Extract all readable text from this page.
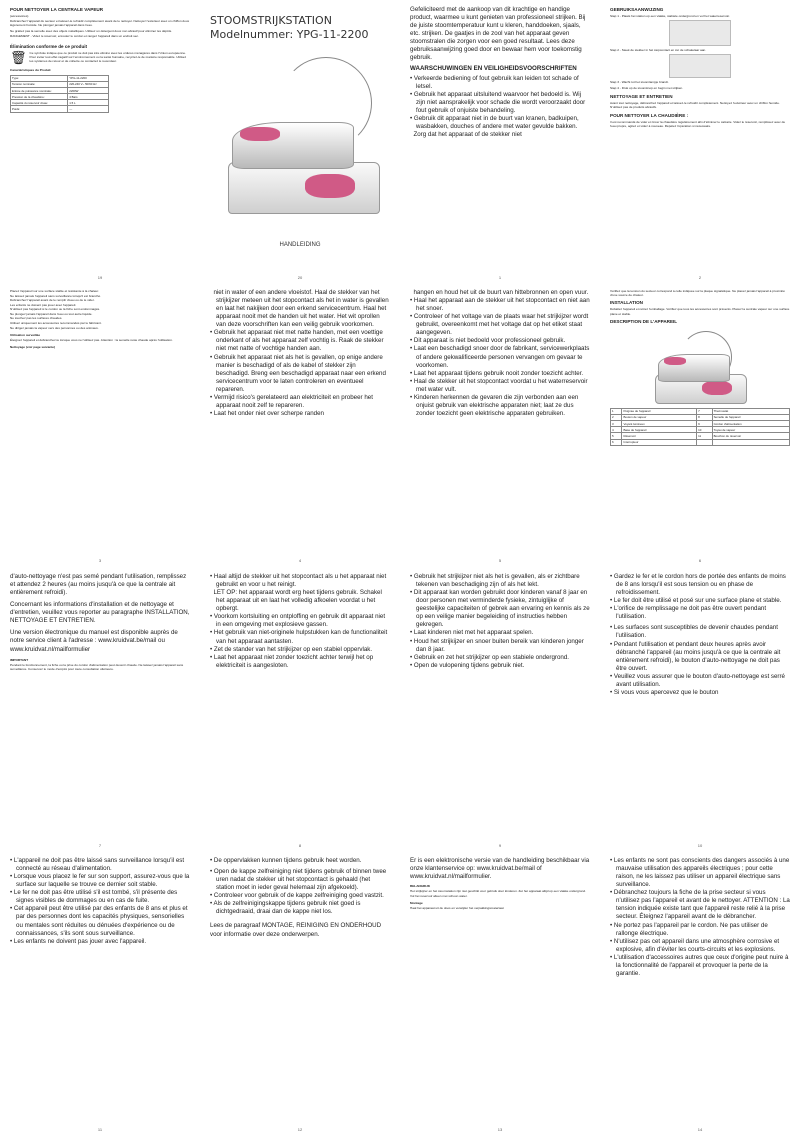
POUR NETTOYER LA CENTRALE VAPEUR
(accessoires)
Débranchez l'appareil du secteur et laissez-le refroidir complètement avant de le nettoyer. Nettoyez l'extérieur avec un chiffon doux légèrement humide. Ne plongez jamais l'appareil dans l'eau.
Ne grattez pas la semelle avec des objets métalliques. Utilisez un détergent doux non abrasif pour éliminer les dépôts.
RANGEMENT - Videz le réservoir, enroulez le cordon et rangez l'appareil dans un endroit sec.
Élimination conforme de ce produit
🗑 Ce symbole indique que ce produit ne doit pas être éliminé avec les ordures ménagères dans l'Union européenne. Pour éviter tout effet négatif sur l'environnement ou la santé humaine, recyclez-le de manière responsable. Utilisez les systèmes de retour et de collecte ou contactez le revendeur.
Caractéristiques du Produit
Type:	YPG-11-2200
Tension nominale:	220-240 V~ 50/60 Hz
Entrée de puissance nominale:	2200W
Pression de la chaudière:	4 Bars
Capacité du réservoir d'eau:	1.5 L
Poids:	—
19
STOOMSTRIJKSTATION
Modelnummer: YPG-11-2200
HANDLEIDING
20
Gefeliciteerd met de aankoop van dit krachtige en handige product, waarmee u kunt genieten van professioneel strijken. Bij de juiste stoomtemperatuur kunt u kleren, handdoeken, sjaals, etc. strijken. De gaatjes in de zool van het apparaat geven stoomstralen die zorgen voor een goed resultaat. Lees deze gebruiksaanwijzing goed door en bewaar hem voor toekomstig gebruik.
WAARSCHUWINGEN EN VEILIGHEIDSVOORSCHRIFTEN
• Verkeerde bediening of fout gebruik kan leiden tot schade of letsel.
• Gebruik het apparaat uitsluitend waarvoor het bedoeld is. Wij zijn niet aansprakelijk voor schade die wordt veroorzaakt door fout gebruik of onjuiste behandeling.
• Gebruik dit apparaat niet in de buurt van kranen, badkuipen, wasbakken, douches of andere met water gevulde bakken.
Zorg dat het apparaat of de stekker niet
1
GEBRUIKSAANWIJZING
Stap 1 - Plaats het station op een vlakke, stabiele ondergrond en vul het waterreservoir.
Stap 2 - Steek de stekker in het stopcontact en zet de schakelaar aan.
Stap 3 - Wacht tot het stoomlampje brandt.
Stap 4 - Druk op de stoomknop en begin met strijken.
NETTOYAGE ET ENTRETIEN
Avant tout nettoyage, débranchez l'appareil et laissez-le refroidir complètement. Nettoyez l'extérieur avec un chiffon humide. N'utilisez pas de produits abrasifs.
POUR NETTOYER LA CHAUDIÈRE :
Il est recommandé de vider et rincer la chaudière régulièrement afin d'éliminer le calcaire. Videz le réservoir, remplissez avec de l'eau propre, agitez et videz à nouveau. Répétez l'opération si nécessaire.
2
Placez l'appareil sur une surface stable et résistante à la chaleur.
Ne laissez jamais l'appareil sans surveillance lorsqu'il est branché.
Débranchez l'appareil avant de le remplir d'eau ou de le vider.
Les enfants ne doivent pas jouer avec l'appareil.
N'utilisez pas l'appareil si le cordon ou la fiche sont endommagés.
Ne plongez jamais l'appareil dans l'eau ou tout autre liquide.
Ne touchez pas les surfaces chaudes.
Utilisez uniquement les accessoires recommandés par le fabricant.
Ne dirigez jamais la vapeur vers des personnes ou des animaux.
Utilisation surveillée
Éteignez l'appareil et débranchez-le lorsque vous ne l'utilisez pas. Attention : la semelle reste chaude après l'utilisation.
Nettoyage (voir page suivante)
3
niet in water of een andere vloeistof. Haal de stekker van het strijkijzer meteen uit het stopcontact als het in water is gevallen en laat het nakijken door een erkend servicecentrum. Haal het apparaat nooit met de handen uit het water. Het wit oprollen van deze voorschriften kan een veilig gebruik voorkomen.
• Gebruik het apparaat niet met natte handen, met een voettige onderkant of als het apparaat zelf vochtig is. Raak de stekker niet met natte of vochtige handen aan.
• Gebruik het apparaat niet als het is gevallen, op enige andere manier is beschadigd of als de kabel of stekker zijn beschadigd. Breng een beschadigd apparaat naar een erkend servicecentrum voor te laten controleren en eventueel repareren.
• Vermijd risico's gerelateerd aan elektriciteit en probeer het apparaat nooit zelf te repareren.
• Laat het onder niet over scherpe randen
4
hangen en houd het uit de buurt van hittebronnen en open vuur.
• Haal het apparaat aan de stekker uit het stopcontact en niet aan het snoer.
• Controleer of het voltage van de plaats waar het strijkijzer wordt gebruikt, overeenkomt met het voltage dat op het etiket staat aangegeven.
• Dit apparaat is niet bedoeld voor professioneel gebruik.
• Laat een beschadigd snoer door de fabrikant, servicewerkplaats of andere gekwalificeerde personen vervangen om gevaar te voorkomen.
• Laat het apparaat tijdens gebruik nooit zonder toezicht achter.
• Haal de stekker uit het stopcontact voordat u het waterreservoir met water vult.
• Kinderen herkennen de gevaren die zijn verbonden aan een onjuist gebruik van elektrische apparaten niet; laat ze dus zonder toezicht geen elektrische apparaten gebruiken.
5
Vérifiez que la tension du secteur correspond à celle indiquée sur la plaque signalétique. Ne placez jamais l'appareil à proximité d'une source de chaleur.
INSTALLATION
Déballez l'appareil et retirez l'emballage. Vérifiez que tous les accessoires sont présents. Placez la centrale vapeur sur une surface plane et stable.
DESCRIPTION DE L'APPAREIL
1	Poignée de l'appareil	7	Thermostat
2	Bouton de vapeur	8	Semelle de l'appareil
3	Voyant lumineux	9	Cordon d'alimentation
4	Base de l'appareil	10	Tuyau de vapeur
5	Réservoir	11	Bouchon du réservoir
6	Interrupteur		
6
d'auto-nettoyage n'est pas semé pendant l'utilisation, remplissez et attendez 2 heures (au moins jusqu'à ce que la centrale ait entièrement refroidi).
Concernant les informations d'installation et de nettoyage et d'entretien, veuillez vous reporter au paragraphe INSTALLATION, NETTOYAGE ET ENTRETIEN.
Une version électronique du manuel est disponible auprès de notre service client à l'adresse : www.kruidvat.be/mail ou www.kruidvat.nl/mailformulier
IMPORTANT
Pendant le fonctionnement, la fiche ou la prise du cordon d'alimentation peut devenir chaude. Ne laissez jamais l'appareil sans surveillance. Conservez le mode d'emploi pour toute consultation ultérieure.
7
• Haal altijd de stekker uit het stopcontact als u het apparaat niet gebruikt en voor u het reinigt.
LET OP: het apparaat wordt erg heet tijdens gebruik. Schakel het apparaat uit en laat het volledig afkoelen voordat u het opbergt.
• Voorkom kortsluiting en ontploffing en gebruik dit apparaat niet in een omgeving met explosieve gassen.
• Het gebruik van niet-originele hulpstukken kan de functionaliteit van het apparaat aantasten.
• Zet de stander van het strijkijzer op een stabiel oppervlak.
• Laat het apparaat niet zonder toezicht achter terwijl het op elektriciteit is aangesloten.
8
• Gebruik het strijkijzer niet als het is gevallen, als er zichtbare tekenen van beschadiging zijn of als het lekt.
• Dit apparaat kan worden gebruikt door kinderen vanaf 8 jaar en door personen met verminderde fysieke, zintuiglijke of geestelijke capaciteiten of gebrek aan ervaring en kennis als ze op een veilige manier begeleiding of instructies hebben gekregen.
• Laat kinderen niet met het apparaat spelen.
• Houd het strijkijzer en snoer buiten bereik van kinderen jonger dan 8 jaar.
• Gebruik en zet het strijkijzer op een stabiele ondergrond.
• Open de vulopening tijdens gebruik niet.
9
• Gardez le fer et le cordon hors de portée des enfants de moins de 8 ans lorsqu'il est sous tension ou en phase de refroidissement.
• Le fer doit être utilisé et posé sur une surface plane et stable.
• L'orifice de remplissage ne doit pas être ouvert pendant l'utilisation.
• Les surfaces sont susceptibles de devenir chaudes pendant l'utilisation.
• Pendant l'utilisation et pendant deux heures après avoir débranché l'appareil (au moins jusqu'à ce que la centrale ait entièrement refroidi), le bouton d'auto-nettoyage ne doit pas être ouvert.
• Veuillez vous assurer que le bouton d'auto-nettoyage est serré avant utilisation.
• Si vous vous apercevez que le bouton
10
• L'appareil ne doit pas être laissé sans surveillance lorsqu'il est connecté au réseau d'alimentation.
• Lorsque vous placez le fer sur son support, assurez-vous que la surface sur laquelle se trouve ce dernier soit stable.
• Le fer ne doit pas être utilisé s'il est tombé, s'il présente des signes visibles de dommages ou en cas de fuite.
• Cet appareil peut être utilisé par des enfants de 8 ans et plus et par des personnes dont les capacités physiques, sensorielles ou mentales sont réduites ou dénuées d'expérience ou de connaissances, s'ils sont sous surveillance.
• Les enfants ne doivent pas jouer avec l'appareil.
11
• De oppervlakken kunnen tijdens gebruik heet worden.
• Open de kappe zelfreiniging niet tijdens gebruik of binnen twee uren nadat de stekker uit het stopcontact is gehaald (het station moet in ieder geval helemaal zijn afgekoeld).
• Controleer voor gebruik of de kappe zelfreiniging goed vastzit.
• Als de zelfreinigingskappe tijdens gebruik niet goed is dichtgedraaid, draai dan de kappe niet los.
Lees de paragraaf MONTAGE, REINIGING EN ONDERHOUD voor informatie over deze onderwerpen.
12
Er is een elektronische versie van de handleiding beschikbaar via onze klantenservice op: www.kruidvat.be/mail of www.kruidvat.nl/mailformulier.
BELANGRIJK
Het strijkijzer en het stoomstation zijn niet geschikt voor gebruik door kinderen. Zet het apparaat altijd op een vlakke ondergrond. Vul het reservoir alleen met schoon water.
Montage
Haal het apparaat uit de doos en verwijder het verpakkingsmateriaal.
13
• Les enfants ne sont pas conscients des dangers associés à une mauvaise utilisation des appareils électriques ; pour cette raison, ne les laissez pas utiliser un appareil électrique sans surveillance.
• Débranchez toujours la fiche de la prise secteur si vous n'utilisez pas l'appareil et avant de le nettoyer. ATTENTION : La tension indiquée existe tant que l'appareil reste relié à la prise secteur. Éteignez l'appareil avant de le débrancher.
• Ne portez pas l'appareil par le cordon. Ne pas utiliser de rallonge électrique.
• N'utilisez pas cet appareil dans une atmosphère corrosive et explosive, afin d'éviter les courts-circuits et les explosions.
• L'utilisation d'accessoires autres que ceux d'origine peut nuire à la fonctionnalité de l'appareil et provoquer la perte de la garantie.
14
